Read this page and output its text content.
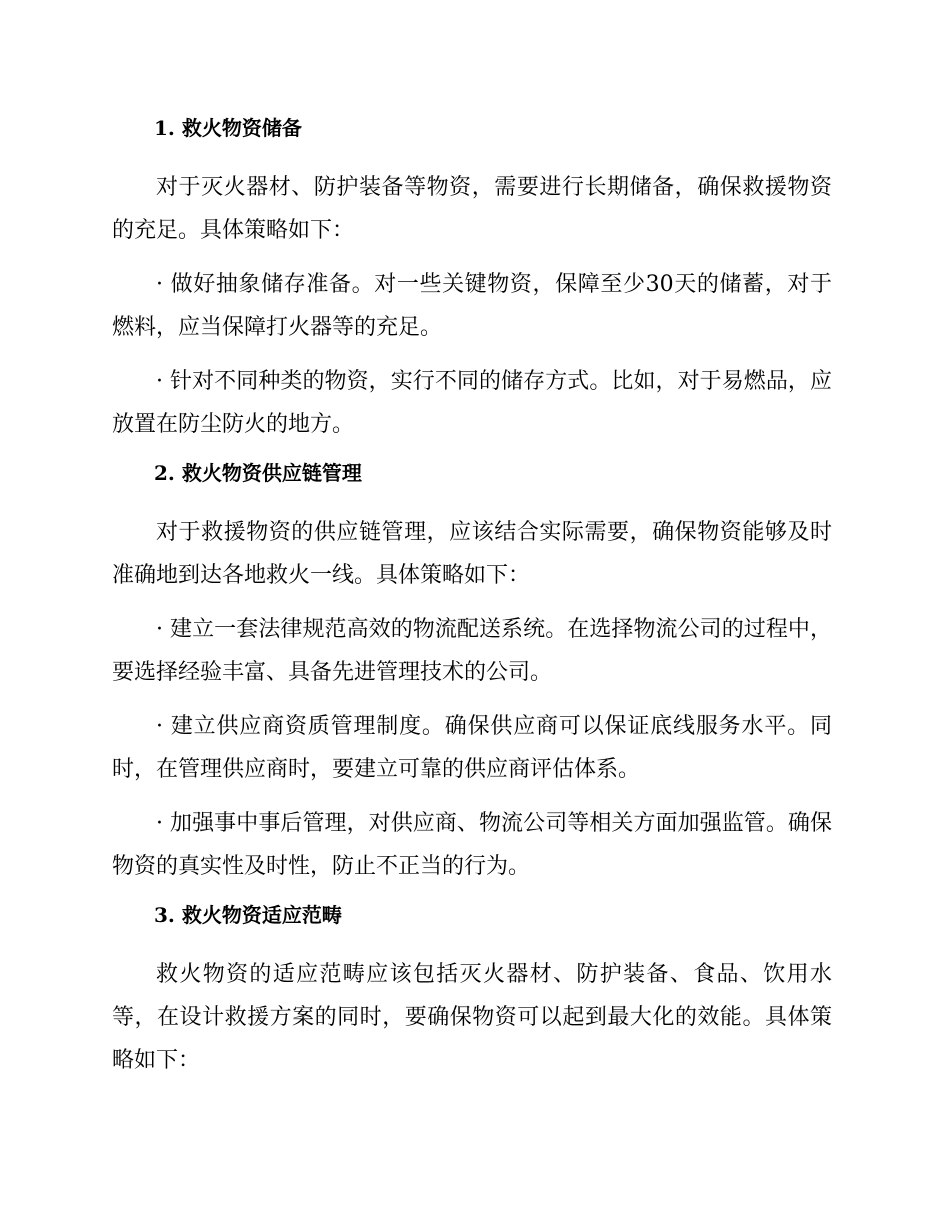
1. 救火物资储备
对于灭火器材、防护装备等物资，需要进行长期储备，确保救援物资的充足。具体策略如下：
· 做好抽象储存准备。对一些关键物资，保障至少30天的储蓄，对于燃料，应当保障打火器等的充足。
· 针对不同种类的物资，实行不同的储存方式。比如，对于易燃品，应放置在防尘防火的地方。
2. 救火物资供应链管理
对于救援物资的供应链管理，应该结合实际需要，确保物资能够及时准确地到达各地救火一线。具体策略如下：
· 建立一套法律规范高效的物流配送系统。在选择物流公司的过程中，要选择经验丰富、具备先进管理技术的公司。
· 建立供应商资质管理制度。确保供应商可以保证底线服务水平。同时，在管理供应商时，要建立可靠的供应商评估体系。
· 加强事中事后管理，对供应商、物流公司等相关方面加强监管。确保物资的真实性及时性，防止不正当的行为。
3. 救火物资适应范畴
救火物资的适应范畴应该包括灭火器材、防护装备、食品、饮用水等，在设计救援方案的同时，要确保物资可以起到最大化的效能。具体策略如下：
